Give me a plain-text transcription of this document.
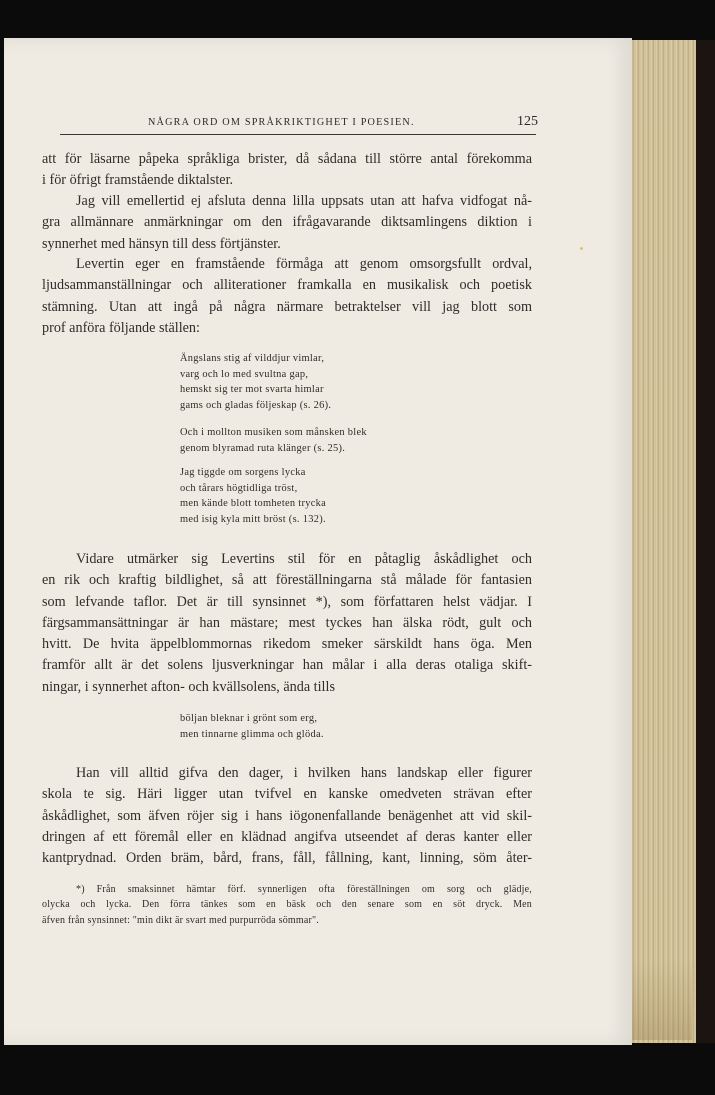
NÅGRA ORD OM SPRÅKRIKTIGHET I POESIEN.	125
att för läsarne påpeka språkliga brister, då sådana till större antal förekomma
i för öfrigt framstående diktalster.
Jag vill emellertid ej afsluta denna lilla uppsats utan att hafva vidfogat nå-
gra allmännare anmärkningar om den ifrågavarande diktsamlingens diktion i
synnerhet med hänsyn till dess förtjänster.
Levertin eger en framstående förmåga att genom omsorgsfullt ordval,
ljudsammanställningar och alliterationer framkalla en musikalisk och poetisk
stämning. Utan att ingå på några närmare betraktelser vill jag blott som
prof anföra följande ställen:
Ängslans stig af vilddjur vimlar,
varg och lo med svultna gap,
hemskt sig ter mot svarta himlar
gams och gladas följeskap (s. 26).
Och i mollton musiken som månsken blek
genom blyramad ruta klänger (s. 25).
Jag tiggde om sorgens lycka
och tårars högtidliga tröst,
men kände blott tomheten trycka
med isig kyla mitt bröst (s. 132).
Vidare utmärker sig Levertins stil för en påtaglig åskådlighet och
en rik och kraftig bildlighet, så att föreställningarna stå målade för fantasien
som lefvande taflor. Det är till synsinnet *), som författaren helst vädjar. I
färgsammansättningar är han mästare; mest tyckes han älska rödt, gult och
hvitt. De hvita äppelblommornas rikedom smeker särskildt hans öga. Men
framför allt är det solens ljusverkningar han målar i alla deras otaliga skift-
ningar, i synnerhet afton- och kvällsolens, ända tills
böljan bleknar i grönt som erg,
men tinnarne glimma och glöda.
Han vill alltid gifva den dager, i hvilken hans landskap eller figurer
skola te sig. Häri ligger utan tvifvel en kanske omedveten strävan efter
åskådlighet, som äfven röjer sig i hans iögonenfallande benägenhet att vid skil-
dringen af ett föremål eller en klädnad angifva utseendet af deras kanter eller
kantprydnad. Orden bräm, bård, frans, fåll, fållning, kant, linning, söm åter-
*) Från smaksinnet hämtar förf. synnerligen ofta föreställningen om sorg och glädje,
olycka och lycka. Den förra tänkes som en bäsk och den senare som en söt dryck. Men
äfven från synsinnet: "min dikt är svart med purpurröda sömmar".
